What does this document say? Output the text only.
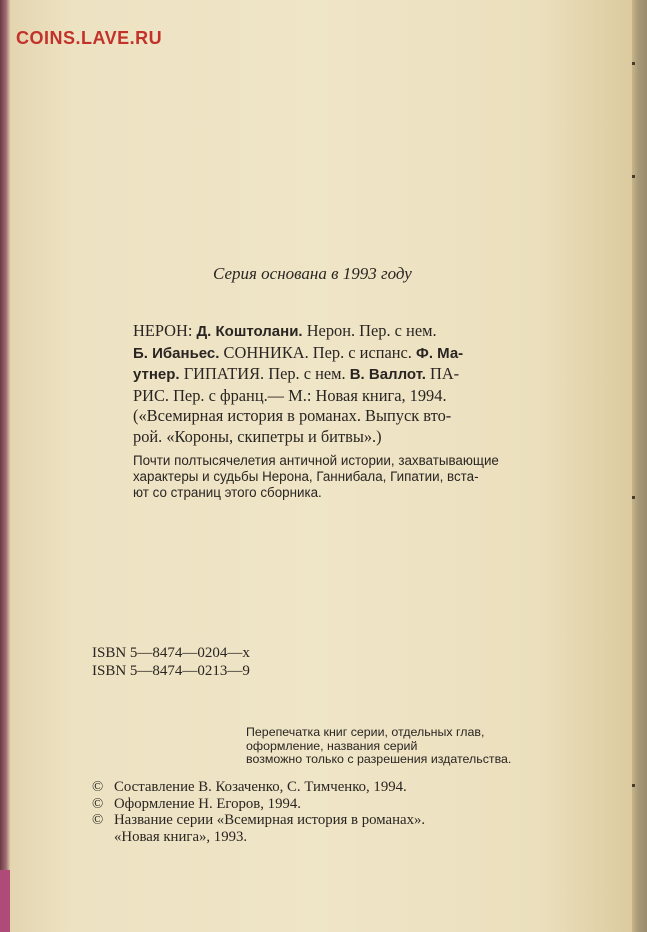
COINS.LAVE.RU
Серия основана в 1993 году
НЕРОН: Д. Коштолани. Нерон. Пер. с нем.
Б. Ибаньес. СОННИКА. Пер. с испанс. Ф. Ма-
утнер. ГИПАТИЯ. Пер. с нем. В. Валлот. ПА-
РИС. Пер. с франц.— М.: Новая книга, 1994.
(«Всемирная история в романах. Выпуск вто-
рой. «Короны, скипетры и битвы».)
Почти полтысячелетия античной истории, захватывающие
характеры и судьбы Нерона, Ганнибала, Гипатии, вста-
ют со страниц этого сборника.
ISBN 5—8474—0204—x
ISBN 5—8474—0213—9
Перепечатка книг серии, отдельных глав,
оформление, названия серий
возможно только с разрешения издательства.
© Составление В. Козаченко, С. Тимченко, 1994.
© Оформление Н. Егоров, 1994.
© Название серии «Всемирная история в романах».
«Новая книга», 1993.
